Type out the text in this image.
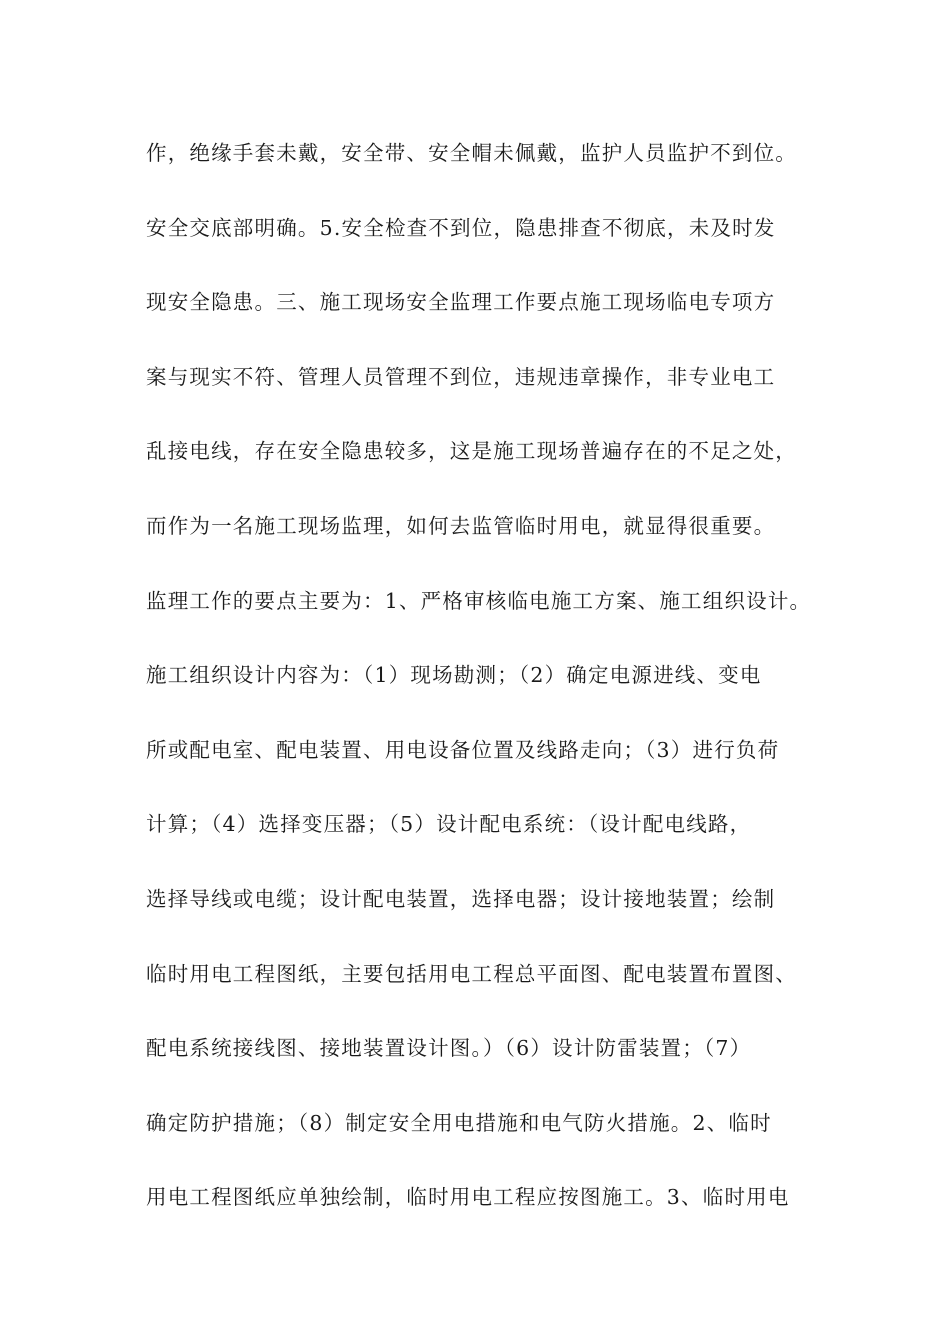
作，绝缘手套未戴，安全带、安全帽未佩戴，监护人员监护不到位。
安全交底部明确。5.安全检查不到位，隐患排查不彻底，未及时发
现安全隐患。三、施工现场安全监理工作要点施工现场临电专项方
案与现实不符、管理人员管理不到位，违规违章操作，非专业电工
乱接电线，存在安全隐患较多，这是施工现场普遍存在的不足之处，
而作为一名施工现场监理，如何去监管临时用电，就显得很重要。
监理工作的要点主要为：1、严格审核临电施工方案、施工组织设计。
施工组织设计内容为：（1）现场勘测；（2）确定电源进线、变电
所或配电室、配电装置、用电设备位置及线路走向；（3）进行负荷
计算；（4）选择变压器；（5）设计配电系统：（设计配电线路，
选择导线或电缆；设计配电装置，选择电器；设计接地装置；绘制
临时用电工程图纸，主要包括用电工程总平面图、配电装置布置图、
配电系统接线图、接地装置设计图。）（6）设计防雷装置；（7）
确定防护措施；（8）制定安全用电措施和电气防火措施。2、临时
用电工程图纸应单独绘制，临时用电工程应按图施工。3、临时用电
